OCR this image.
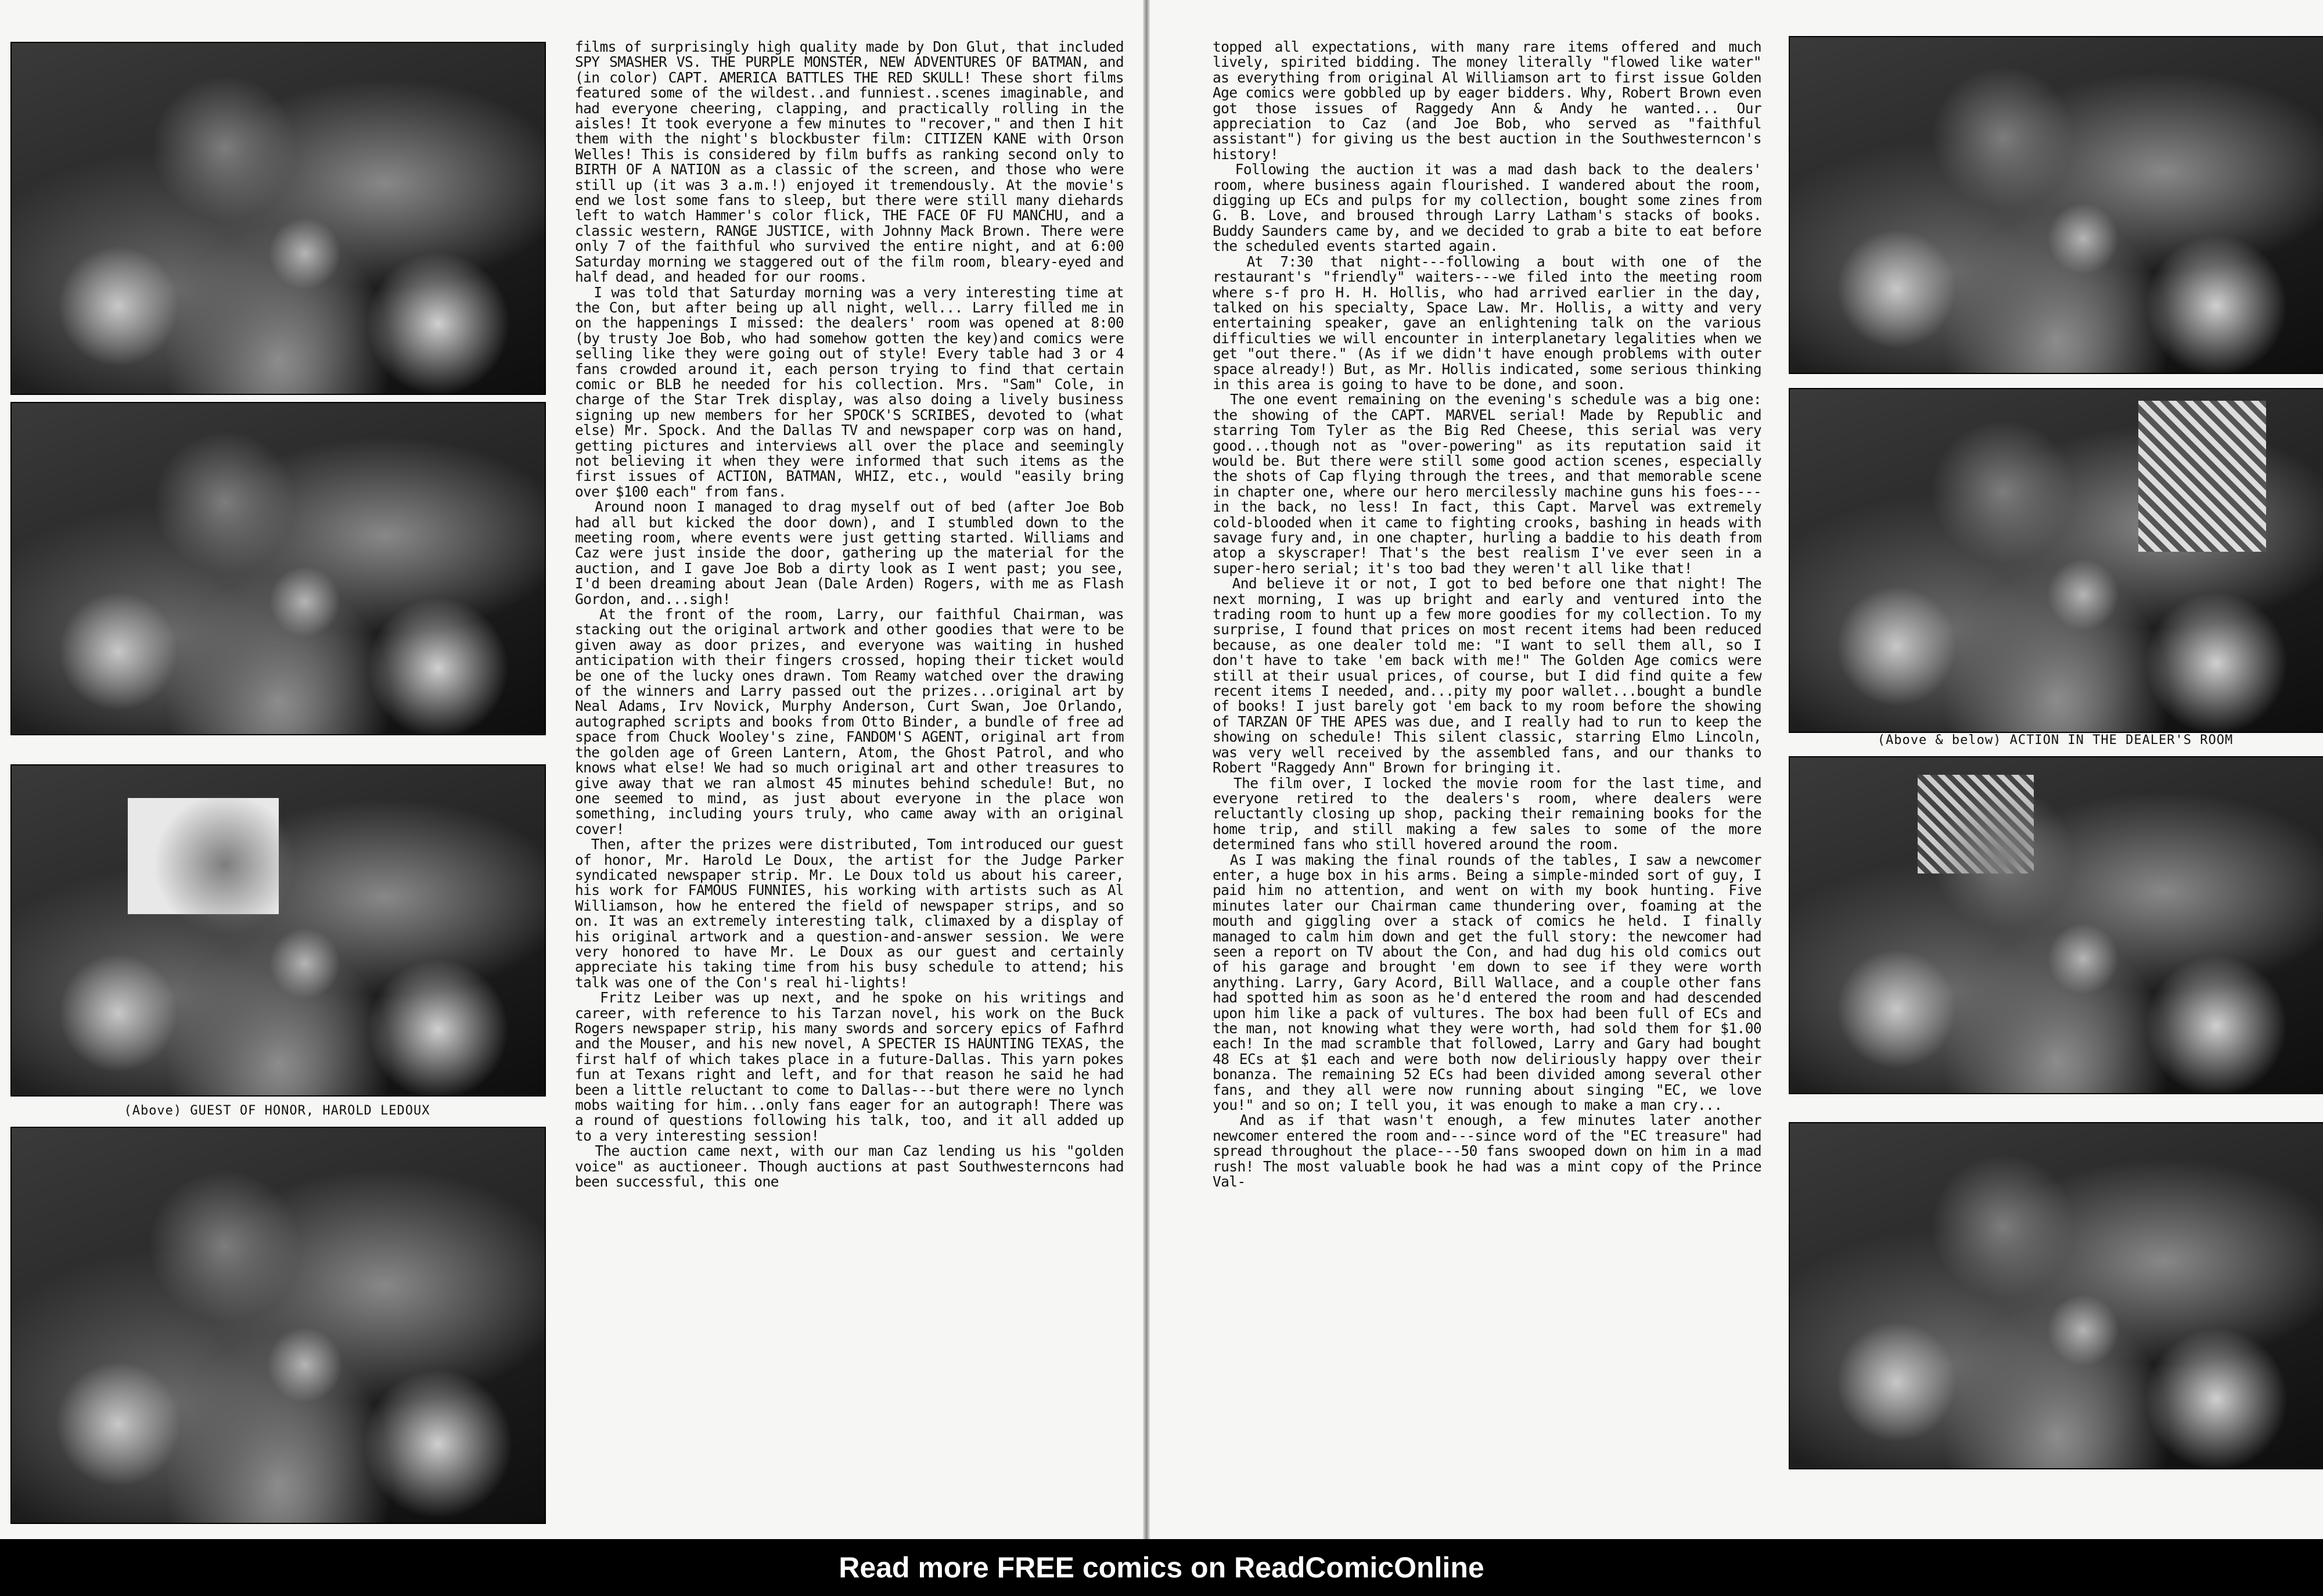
(Above) GUEST OF HONOR, HAROLD LEDOUX
films of surprisingly high quality made by Don Glut, that included SPY SMASHER VS. THE PURPLE MONSTER, NEW ADVENTURES OF BATMAN, and (in color) CAPT. AMERICA BATTLES THE RED SKULL! These short films featured some of the wildest..and funniest..scenes imaginable, and had everyone cheering, clapping, and practically rolling in the aisles! It took everyone a few minutes to "recover," and then I hit them with the night's blockbuster film: CITIZEN KANE with Orson Welles! This is considered by film buffs as ranking second only to BIRTH OF A NATION as a classic of the screen, and those who were still up (it was 3 a.m.!) enjoyed it tremendously. At the movie's end we lost some fans to sleep, but there were still many diehards left to watch Hammer's color flick, THE FACE OF FU MANCHU, and a classic western, RANGE JUSTICE, with Johnny Mack Brown. There were only 7 of the faithful who survived the entire night, and at 6:00 Saturday morning we staggered out of the film room, bleary-eyed and half dead, and headed for our rooms.
I was told that Saturday morning was a very interesting time at the Con, but after being up all night, well... Larry filled me in on the happenings I missed: the dealers' room was opened at 8:00 (by trusty Joe Bob, who had somehow gotten the key)and comics were selling like they were going out of style! Every table had 3 or 4 fans crowded around it, each person trying to find that certain comic or BLB he needed for his collection. Mrs. "Sam" Cole, in charge of the Star Trek display, was also doing a lively business signing up new members for her SPOCK'S SCRIBES, devoted to (what else) Mr. Spock. And the Dallas TV and newspaper corp was on hand, getting pictures and interviews all over the place and seemingly not believing it when they were informed that such items as the first issues of ACTION, BATMAN, WHIZ, etc., would "easily bring over $100 each" from fans.
Around noon I managed to drag myself out of bed (after Joe Bob had all but kicked the door down), and I stumbled down to the meeting room, where events were just getting started. Williams and Caz were just inside the door, gathering up the material for the auction, and I gave Joe Bob a dirty look as I went past; you see, I'd been dreaming about Jean (Dale Arden) Rogers, with me as Flash Gordon, and...sigh!
At the front of the room, Larry, our faithful Chairman, was stacking out the original artwork and other goodies that were to be given away as door prizes, and everyone was waiting in hushed anticipation with their fingers crossed, hoping their ticket would be one of the lucky ones drawn. Tom Reamy watched over the drawing of the winners and Larry passed out the prizes...original art by Neal Adams, Irv Novick, Murphy Anderson, Curt Swan, Joe Orlando, autographed scripts and books from Otto Binder, a bundle of free ad space from Chuck Wooley's zine, FANDOM'S AGENT, original art from the golden age of Green Lantern, Atom, the Ghost Patrol, and who knows what else! We had so much original art and other treasures to give away that we ran almost 45 minutes behind schedule! But, no one seemed to mind, as just about everyone in the place won something, including yours truly, who came away with an original cover!
Then, after the prizes were distributed, Tom introduced our guest of honor, Mr. Harold Le Doux, the artist for the Judge Parker syndicated newspaper strip. Mr. Le Doux told us about his career, his work for FAMOUS FUNNIES, his working with artists such as Al Williamson, how he entered the field of newspaper strips, and so on. It was an extremely interesting talk, climaxed by a display of his original artwork and a question-and-answer session. We were very honored to have Mr. Le Doux as our guest and certainly appreciate his taking time from his busy schedule to attend; his talk was one of the Con's real hi-lights!
Fritz Leiber was up next, and he spoke on his writings and career, with reference to his Tarzan novel, his work on the Buck Rogers newspaper strip, his many swords and sorcery epics of Fafhrd and the Mouser, and his new novel, A SPECTER IS HAUNTING TEXAS, the first half of which takes place in a future-Dallas. This yarn pokes fun at Texans right and left, and for that reason he said he had been a little reluctant to come to Dallas---but there were no lynch mobs waiting for him...only fans eager for an autograph! There was a round of questions following his talk, too, and it all added up to a very interesting session!
The auction came next, with our man Caz lending us his "golden voice" as auctioneer. Though auctions at past Southwesterncons had been successful, this one
topped all expectations, with many rare items offered and much lively, spirited bidding. The money literally "flowed like water" as everything from original Al Williamson art to first issue Golden Age comics were gobbled up by eager bidders. Why, Robert Brown even got those issues of Raggedy Ann & Andy he wanted... Our appreciation to Caz (and Joe Bob, who served as "faithful assistant") for giving us the best auction in the Southwesterncon's history!
Following the auction it was a mad dash back to the dealers' room, where business again flourished. I wandered about the room, digging up ECs and pulps for my collection, bought some zines from G. B. Love, and broused through Larry Latham's stacks of books. Buddy Saunders came by, and we decided to grab a bite to eat before the scheduled events started again.
At 7:30 that night---following a bout with one of the restaurant's "friendly" waiters---we filed into the meeting room where s-f pro H. H. Hollis, who had arrived earlier in the day, talked on his specialty, Space Law. Mr. Hollis, a witty and very entertaining speaker, gave an enlightening talk on the various difficulties we will encounter in interplanetary legalities when we get "out there." (As if we didn't have enough problems with outer space already!) But, as Mr. Hollis indicated, some serious thinking in this area is going to have to be done, and soon.
The one event remaining on the evening's schedule was a big one: the showing of the CAPT. MARVEL serial! Made by Republic and starring Tom Tyler as the Big Red Cheese, this serial was very good...though not as "over-powering" as its reputation said it would be. But there were still some good action scenes, especially the shots of Cap flying through the trees, and that memorable scene in chapter one, where our hero mercilessly machine guns his foes---in the back, no less! In fact, this Capt. Marvel was extremely cold-blooded when it came to fighting crooks, bashing in heads with savage fury and, in one chapter, hurling a baddie to his death from atop a skyscraper! That's the best realism I've ever seen in a super-hero serial; it's too bad they weren't all like that!
And believe it or not, I got to bed before one that night! The next morning, I was up bright and early and ventured into the trading room to hunt up a few more goodies for my collection. To my surprise, I found that prices on most recent items had been reduced because, as one dealer told me: "I want to sell them all, so I don't have to take 'em back with me!" The Golden Age comics were still at their usual prices, of course, but I did find quite a few recent items I needed, and...pity my poor wallet...bought a bundle of books! I just barely got 'em back to my room before the showing of TARZAN OF THE APES was due, and I really had to run to keep the showing on schedule! This silent classic, starring Elmo Lincoln, was very well received by the assembled fans, and our thanks to Robert "Raggedy Ann" Brown for bringing it.
The film over, I locked the movie room for the last time, and everyone retired to the dealers's room, where dealers were reluctantly closing up shop, packing their remaining books for the home trip, and still making a few sales to some of the more determined fans who still hovered around the room.
As I was making the final rounds of the tables, I saw a newcomer enter, a huge box in his arms. Being a simple-minded sort of guy, I paid him no attention, and went on with my book hunting. Five minutes later our Chairman came thundering over, foaming at the mouth and giggling over a stack of comics he held. I finally managed to calm him down and get the full story: the newcomer had seen a report on TV about the Con, and had dug his old comics out of his garage and brought 'em down to see if they were worth anything. Larry, Gary Acord, Bill Wallace, and a couple other fans had spotted him as soon as he'd entered the room and had descended upon him like a pack of vultures. The box had been full of ECs and the man, not knowing what they were worth, had sold them for $1.00 each! In the mad scramble that followed, Larry and Gary had bought 48 ECs at $1 each and were both now deliriously happy over their bonanza. The remaining 52 ECs had been divided among several other fans, and they all were now running about singing "EC, we love you!" and so on; I tell you, it was enough to make a man cry...
And as if that wasn't enough, a few minutes later another newcomer entered the room and---since word of the "EC treasure" had spread throughout the place---50 fans swooped down on him in a mad rush! The most valuable book he had was a mint copy of the Prince Val-
(Above & below) ACTION IN THE DEALER'S ROOM
Read more FREE comics on ReadComicOnline
